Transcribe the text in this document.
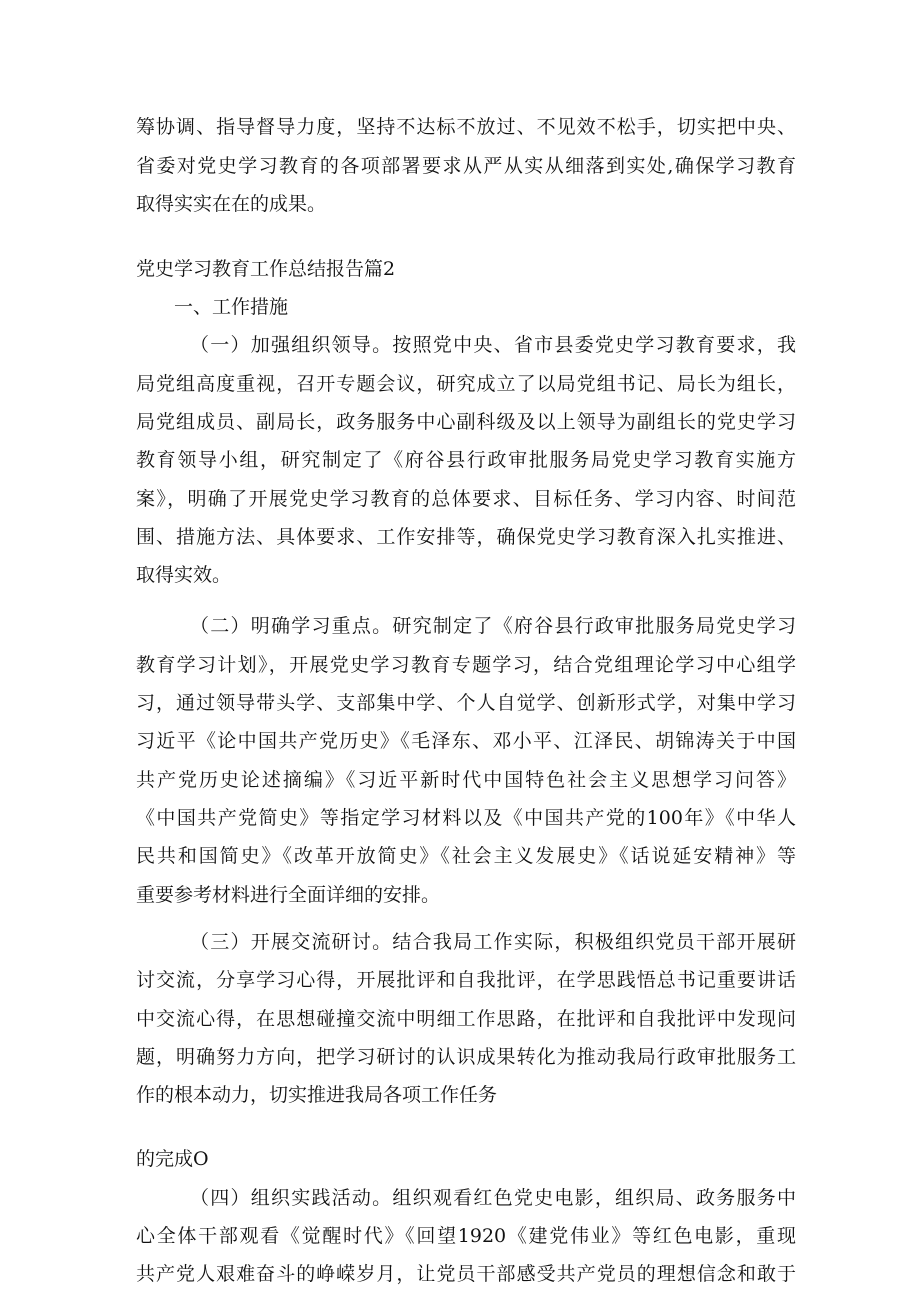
筹协调、指导督导力度，坚持不达标不放过、不见效不松手，切实把中央、
省委对党史学习教育的各项部署要求从严从实从细落到实处,确保学习教育
取得实实在在的成果。
党史学习教育工作总结报告篇2
一、工作措施
（一）加强组织领导。按照党中央、省市县委党史学习教育要求，我
局党组高度重视，召开专题会议，研究成立了以局党组书记、局长为组长，
局党组成员、副局长，政务服务中心副科级及以上领导为副组长的党史学习
教育领导小组，研究制定了《府谷县行政审批服务局党史学习教育实施方
案》，明确了开展党史学习教育的总体要求、目标任务、学习内容、时间范
围、措施方法、具体要求、工作安排等，确保党史学习教育深入扎实推进、
取得实效。
（二）明确学习重点。研究制定了《府谷县行政审批服务局党史学习
教育学习计划》，开展党史学习教育专题学习，结合党组理论学习中心组学
习，通过领导带头学、支部集中学、个人自觉学、创新形式学，对集中学习
习近平《论中国共产党历史》《毛泽东、邓小平、江泽民、胡锦涛关于中国
共产党历史论述摘编》《习近平新时代中国特色社会主义思想学习问答》
《中国共产党简史》等指定学习材料以及《中国共产党的100年》《中华人
民共和国简史》《改革开放简史》《社会主义发展史》《话说延安精神》等
重要参考材料进行全面详细的安排。
（三）开展交流研讨。结合我局工作实际，积极组织党员干部开展研
讨交流，分享学习心得，开展批评和自我批评，在学思践悟总书记重要讲话
中交流心得，在思想碰撞交流中明细工作思路，在批评和自我批评中发现问
题，明确努力方向，把学习研讨的认识成果转化为推动我局行政审批服务工
作的根本动力，切实推进我局各项工作任务
的完成O
（四）组织实践活动。组织观看红色党史电影，组织局、政务服务中
心全体干部观看《觉醒时代》《回望1920《建党伟业》等红色电影，重现
共产党人艰难奋斗的峥嵘岁月，让党员干部感受共产党员的理想信念和敢于
